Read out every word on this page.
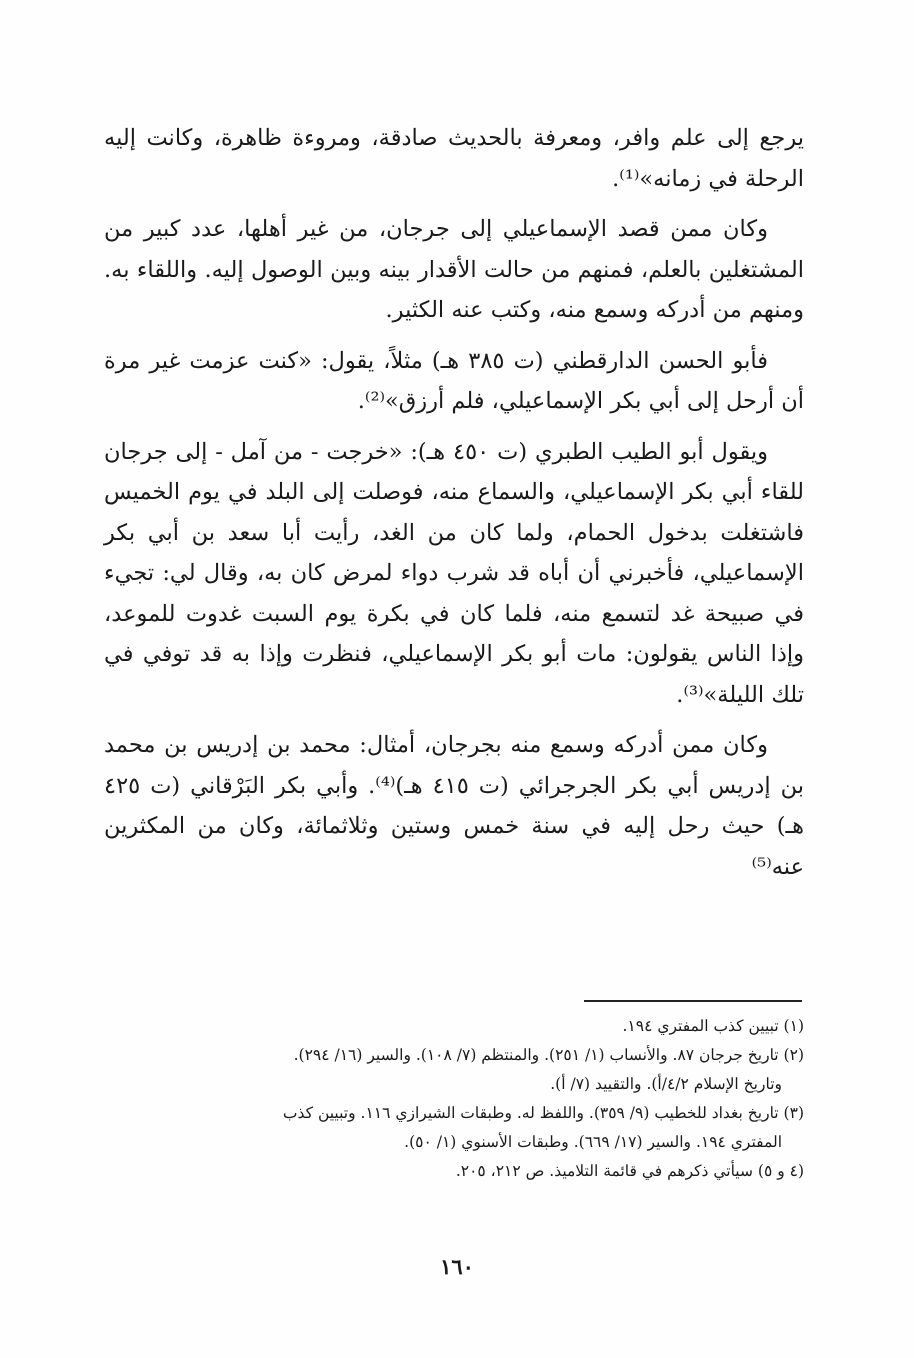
يرجع إلى علم وافر، ومعرفة بالحديث صادقة، ومروءة ظاهرة، وكانت إليه الرحلة في زمانه»⁽¹⁾.

وكان ممن قصد الإسماعيلي إلى جرجان، من غير أهلها، عدد كبير من المشتغلين بالعلم، فمنهم من حالت الأقدار بينه وبين الوصول إليه. واللقاء به. ومنهم من أدركه وسمع منه، وكتب عنه الكثير.

فأبو الحسن الدارقطني (ت ٣٨٥ هـ) مثلاً، يقول: «كنت عزمت غير مرة أن أرحل إلى أبي بكر الإسماعيلي، فلم أرزق»⁽²⁾.

ويقول أبو الطيب الطبري (ت ٤٥٠ هـ): «خرجت - من آمل - إلى جرجان للقاء أبي بكر الإسماعيلي، والسماع منه، فوصلت إلى البلد في يوم الخميس فاشتغلت بدخول الحمام، ولما كان من الغد، رأيت أبا سعد بن أبي بكر الإسماعيلي، فأخبرني أن أباه قد شرب دواء لمرض كان به، وقال لي: تجيء في صبيحة غد لتسمع منه، فلما كان في بكرة يوم السبت غدوت للموعد، وإذا الناس يقولون: مات أبو بكر الإسماعيلي، فنظرت وإذا به قد توفي في تلك الليلة»⁽³⁾.

وكان ممن أدركه وسمع منه بجرجان، أمثال: محمد بن إدريس بن محمد بن إدريس أبي بكر الجرجرائي (ت ٤١٥ هـ)⁽⁴⁾. وأبي بكر البَرْقاني (ت ٤٢٥ هـ) حيث رحل إليه في سنة خمس وستين وثلاثمائة، وكان من المكثرين عنه⁽⁵⁾

(١) تبيين كذب المفتري ١٩٤.

(٢) تاريخ جرجان ٨٧. والأنساب (١/ ٢٥١). والمنتظم (٧/ ١٠٨). والسير (١٦/ ٢٩٤).

وتاريخ الإسلام ٤/٢/أ). والتقييد (٧/ أ).

(٣) تاريخ بغداد للخطيب (٩/ ٣٥٩). واللفظ له. وطبقات الشيرازي ١١٦. وتبيين كذب

المفتري ١٩٤. والسير (١٧/ ٦٦٩). وطبقات الأسنوي (١/ ٥٠).

(٤ و ٥) سيأتي ذكرهم في قائمة التلاميذ. ص ٢١٢، ٢٠٥.

١٦٠
